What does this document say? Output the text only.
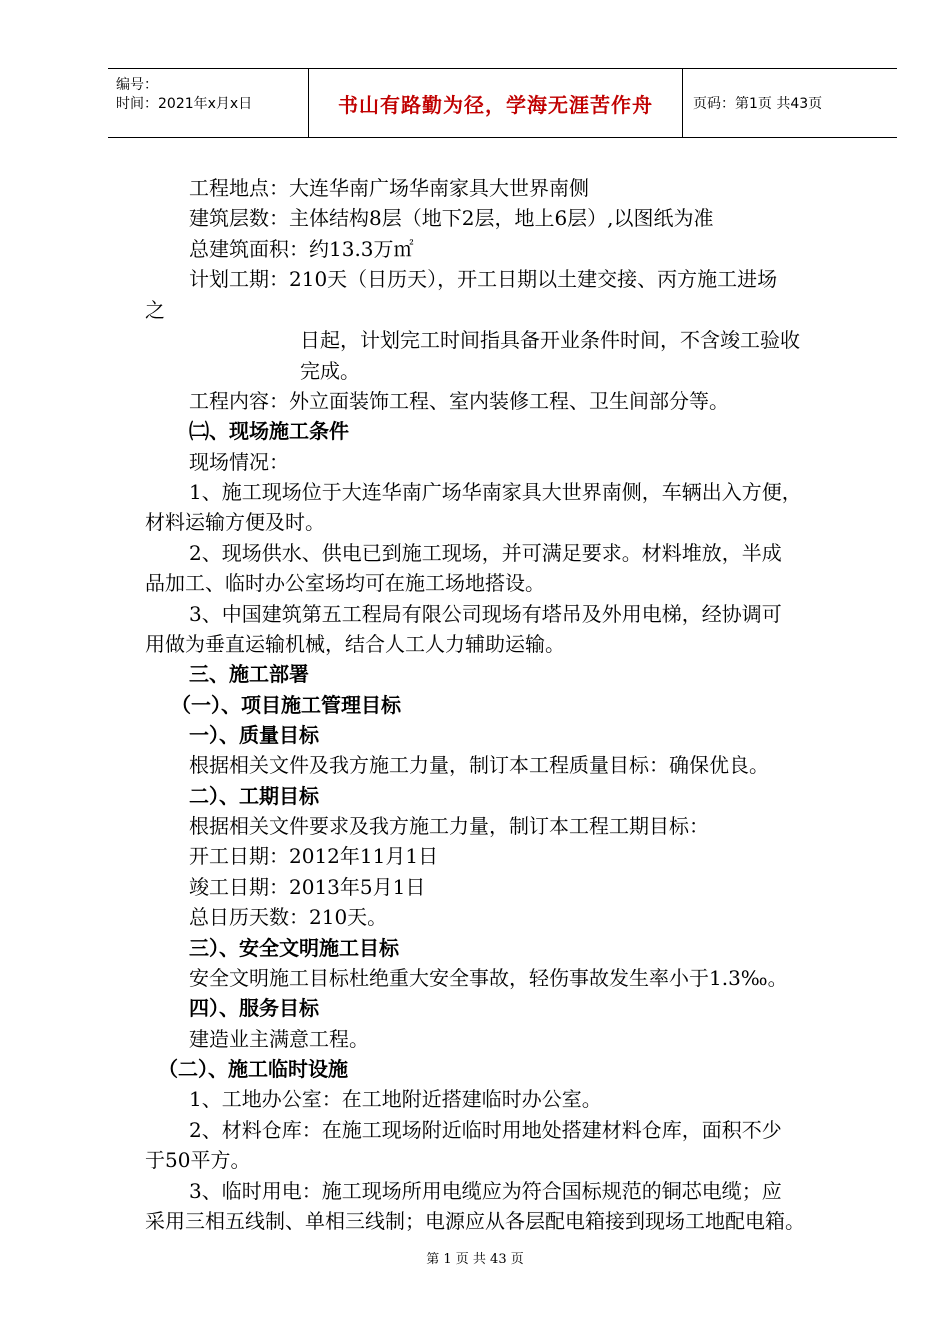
编号：
时间：2021年x月x日	书山有路勤为径，学海无涯苦作舟	页码：第1页 共43页
工程地点：大连华南广场华南家具大世界南侧
建筑层数：主体结构8层（地下2层，地上6层）,以图纸为准
总建筑面积：约13.3万㎡
计划工期：210天（日历天），开工日期以土建交接、丙方施工进场
之
日起，计划完工时间指具备开业条件时间，不含竣工验收
完成。
工程内容：外立面装饰工程、室内装修工程、卫生间部分等。
㈡、现场施工条件
现场情况：
1、施工现场位于大连华南广场华南家具大世界南侧，车辆出入方便，
材料运输方便及时。
2、现场供水、供电已到施工现场，并可满足要求。材料堆放，半成
品加工、临时办公室场均可在施工场地搭设。
3、中国建筑第五工程局有限公司现场有塔吊及外用电梯，经协调可
用做为垂直运输机械，结合人工人力辅助运输。
三、施工部署
（一）、项目施工管理目标
一）、质量目标
根据相关文件及我方施工力量，制订本工程质量目标：确保优良。
二）、工期目标
根据相关文件要求及我方施工力量，制订本工程工期目标：
开工日期：2012年11月1日
竣工日期：2013年5月1日
总日历天数：210天。
三）、安全文明施工目标
安全文明施工目标杜绝重大安全事故，轻伤事故发生率小于1.3‰。
四）、服务目标
建造业主满意工程。
（二）、施工临时设施
1、工地办公室：在工地附近搭建临时办公室。
2、材料仓库：在施工现场附近临时用地处搭建材料仓库，面积不少
于50平方。
3、临时用电：施工现场所用电缆应为符合国标规范的铜芯电缆；应
采用三相五线制、单相三线制；电源应从各层配电箱接到现场工地配电箱。
第 1 页 共 43 页
